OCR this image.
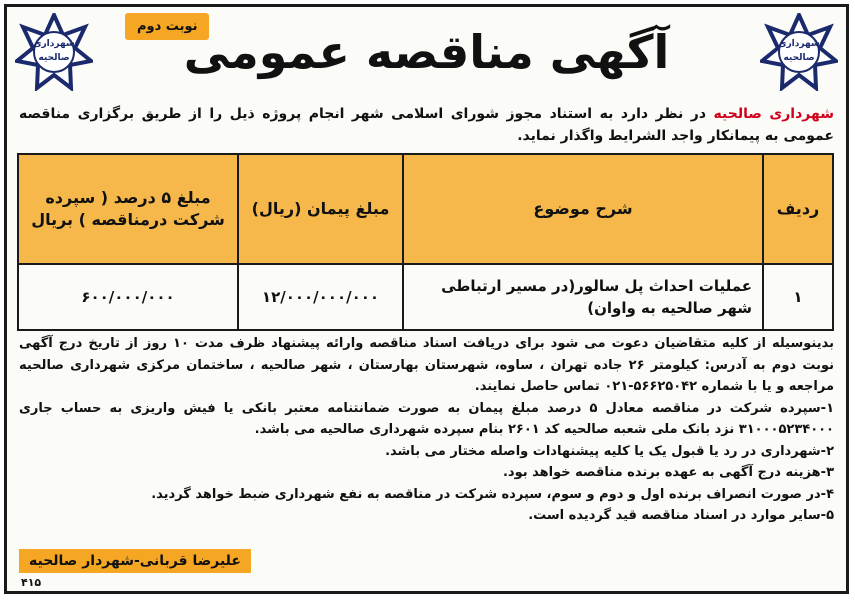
شهرداری
صالحیه
شهرداری
صالحیه
نوبت دوم
آگهی مناقصه عمومی
شهرداری صالحیه در نظر دارد به استناد مجوز شورای اسلامی شهر انجام پروژه ذیل را از طریق برگزاری مناقصه عمومی به پیمانکار واجد الشرایط واگذار نماید.
ردیف	شرح موضوع	مبلغ پیمان (ریال)	مبلغ ۵ درصد ( سپرده شرکت درمناقصه ) بریال
۱	عملیات احداث پل سالور(در مسیر ارتباطی شهر صالحیه به واوان)	۱۲/۰۰۰/۰۰۰/۰۰۰	۶۰۰/۰۰۰/۰۰۰

بدینوسیله از کلیه متقاضیان دعوت می شود برای دریافت اسناد مناقصه وارائه پیشنهاد ظرف مدت ۱۰ روز از تاریخ درج آگهی نوبت دوم به آدرس: کیلومتر ۲۶ جاده تهران ، ساوه، شهرستان بهارستان ، شهر صالحیه ، ساختمان مرکزی شهرداری صالحیه مراجعه و یا با شماره ۵۶۶۲۵۰۴۲-۰۲۱ تماس حاصل نمایند.

۱-سپرده شرکت در مناقصه معادل ۵ درصد مبلغ پیمان به صورت ضمانتنامه معتبر بانکی یا فیش واریزی به حساب جاری ۳۱۰۰۰۵۲۳۴۰۰۰ نزد بانک ملی شعبه صالحیه کد ۲۶۰۱ بنام سپرده شهرداری صالحیه می باشد.

۲-شهرداری در رد یا قبول یک یا کلیه پیشنهادات واصله مختار می باشد.

۳-هزینه درج آگهی به عهده برنده مناقصه خواهد بود.

۴-در صورت انصراف برنده اول و دوم و سوم، سپرده شرکت در مناقصه به نفع شهرداری ضبط خواهد گردید.

۵-سایر موارد در اسناد مناقصه قید گردیده است.

علیرضا قربانی-شهردار صالحیه
۴۱۵
